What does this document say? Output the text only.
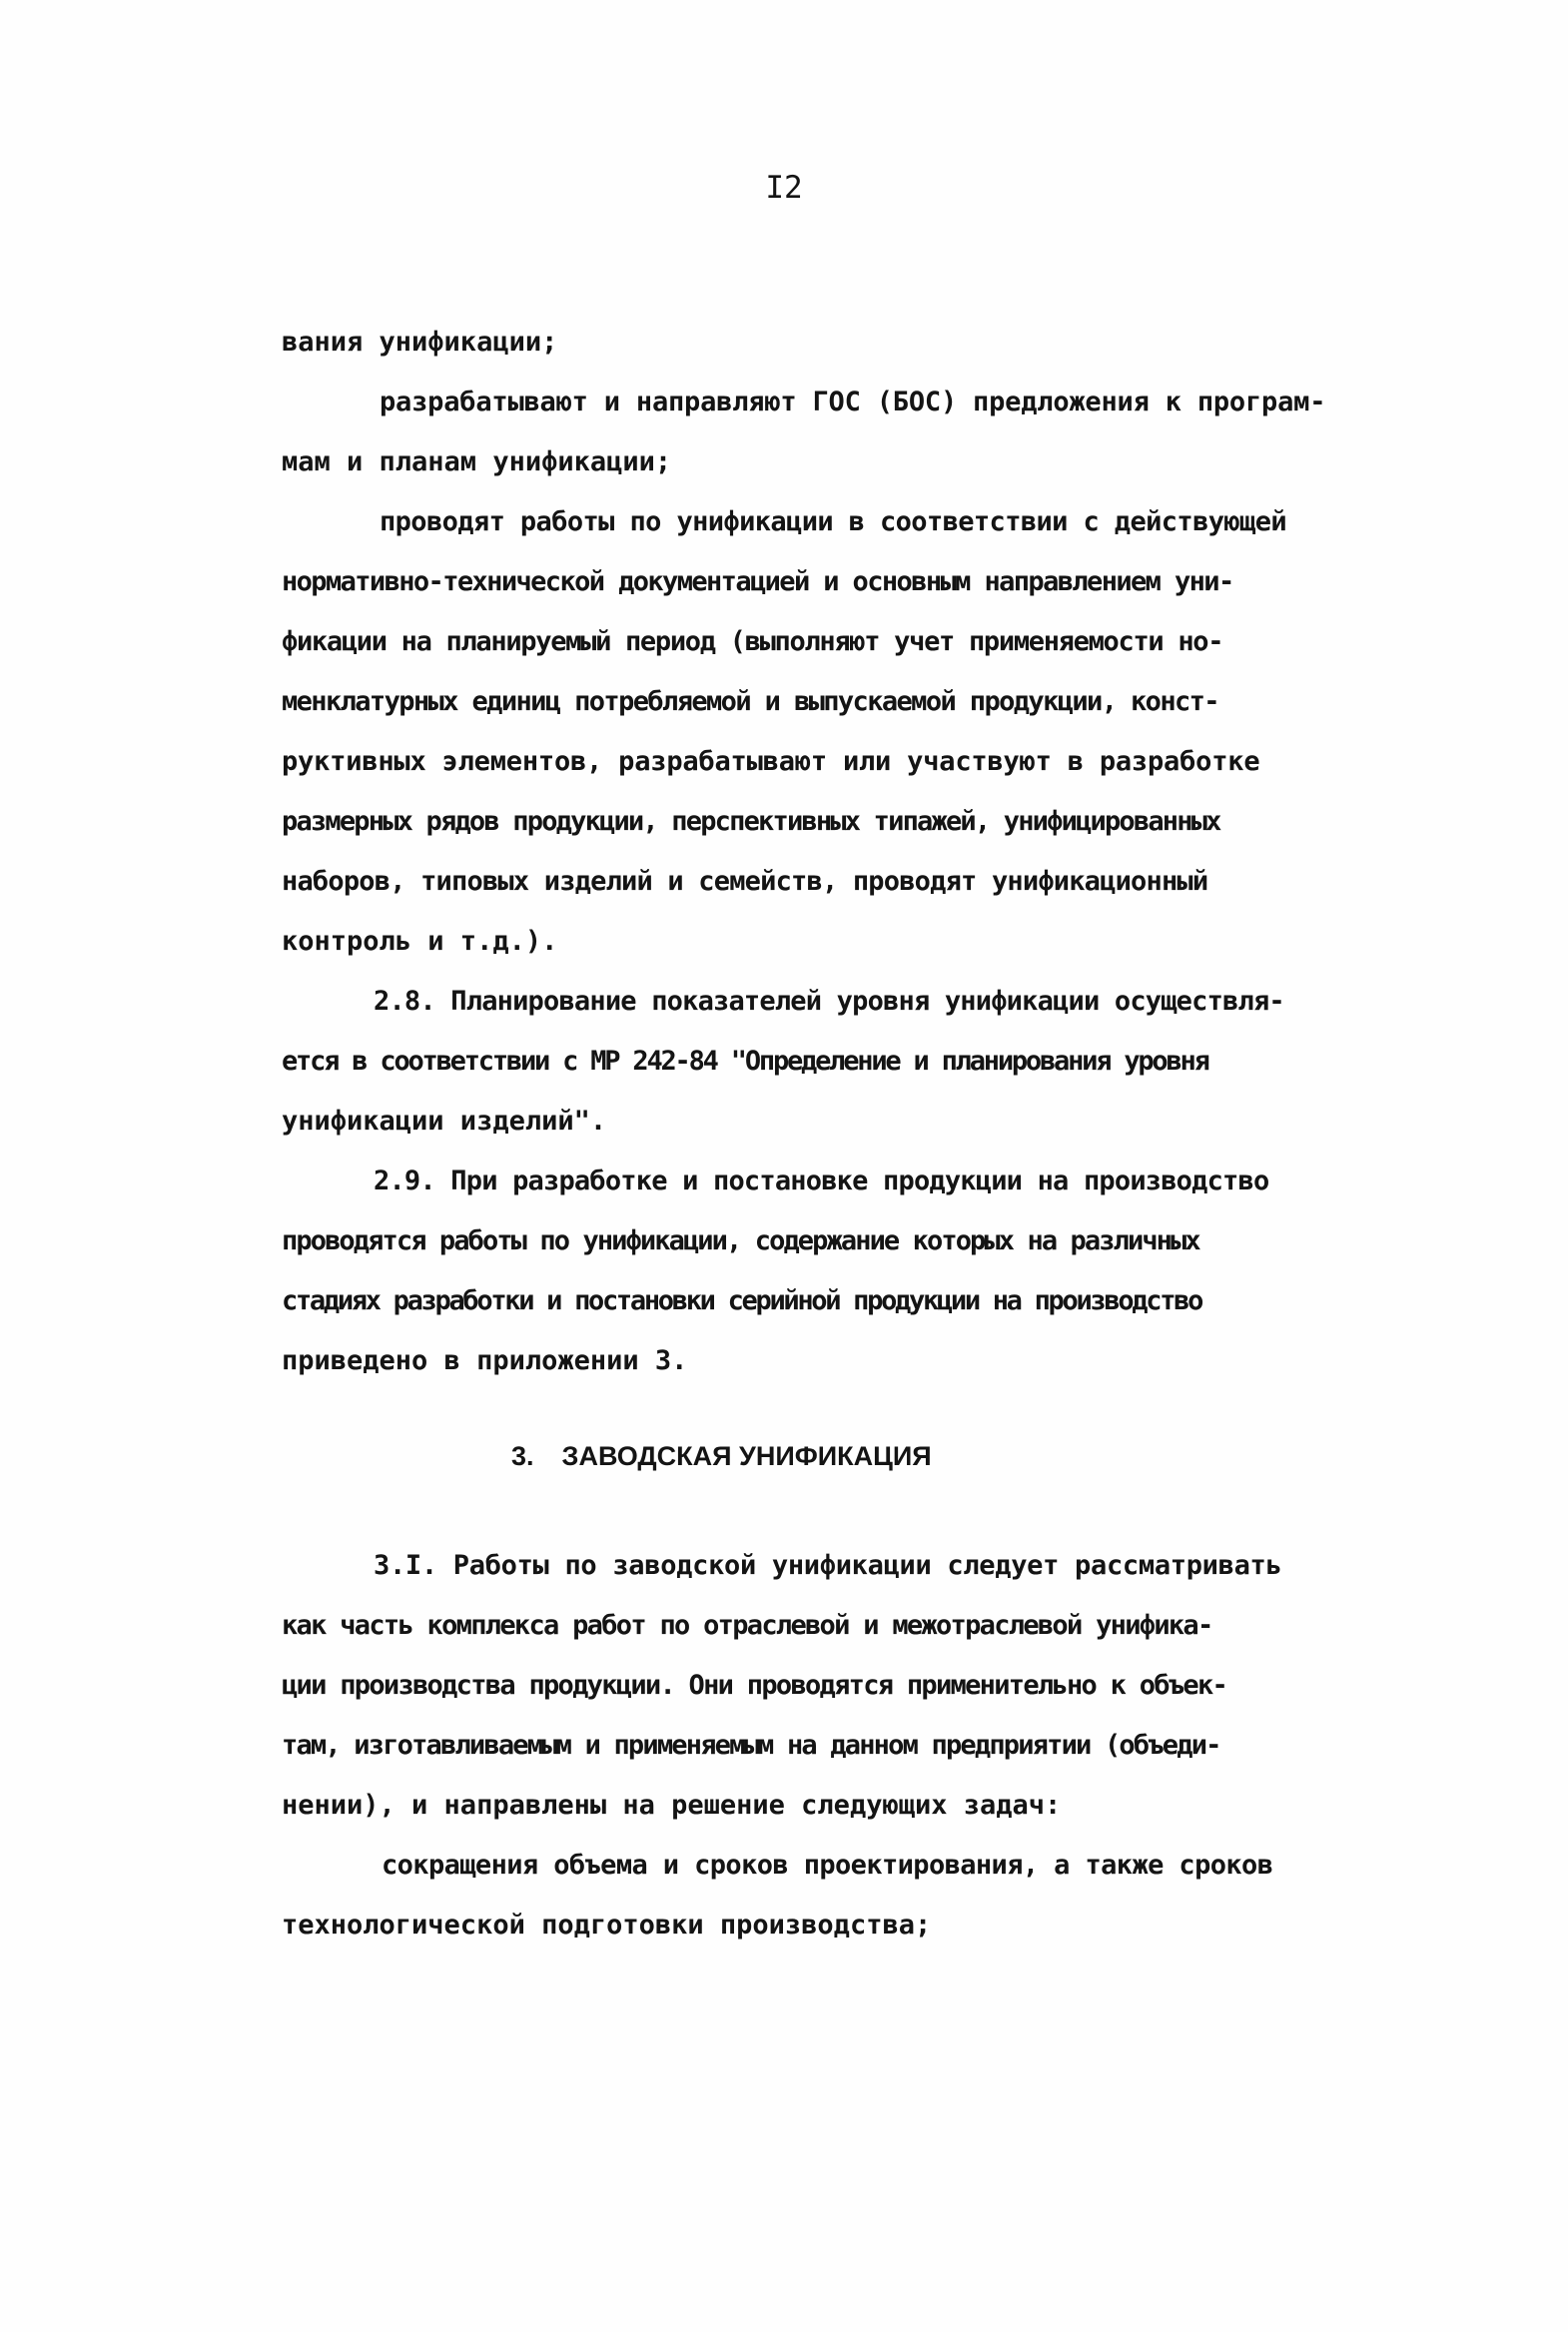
I2
вания унификации;
разрабатывают и направляют ГОС (БОС) предложения к програм-
мам и планам унификации;
проводят работы по унификации в соответствии с действующей
нормативно-технической документацией и основным направлением уни-
фикации на планируемый период (выполняют учет применяемости но-
менклатурных единиц потребляемой и выпускаемой продукции, конст-
руктивных элементов, разрабатывают или участвуют в разработке
размерных рядов продукции, перспективных типажей, унифицированных
наборов, типовых изделий и семейств, проводят унификационный
контроль и т.д.).
2.8. Планирование показателей уровня унификации осуществля-
ется в соответствии с МР 242-84 "Определение и планирования уровня
унификации изделий".
2.9. При разработке и постановке продукции на производство
проводятся работы по унификации, содержание которых на различных
стадиях разработки и постановки серийной продукции на производство
приведено в приложении 3.
3. ЗАВОДСКАЯ УНИФИКАЦИЯ
3.I. Работы по заводской унификации следует рассматривать
как часть комплекса работ по отраслевой и межотраслевой унифика-
ции производства продукции. Они проводятся применительно к объек-
там, изготавливаемым и применяемым на данном предприятии (объеди-
нении), и направлены на решение следующих задач:
сокращения объема и сроков проектирования, а также сроков
технологической подготовки производства;
